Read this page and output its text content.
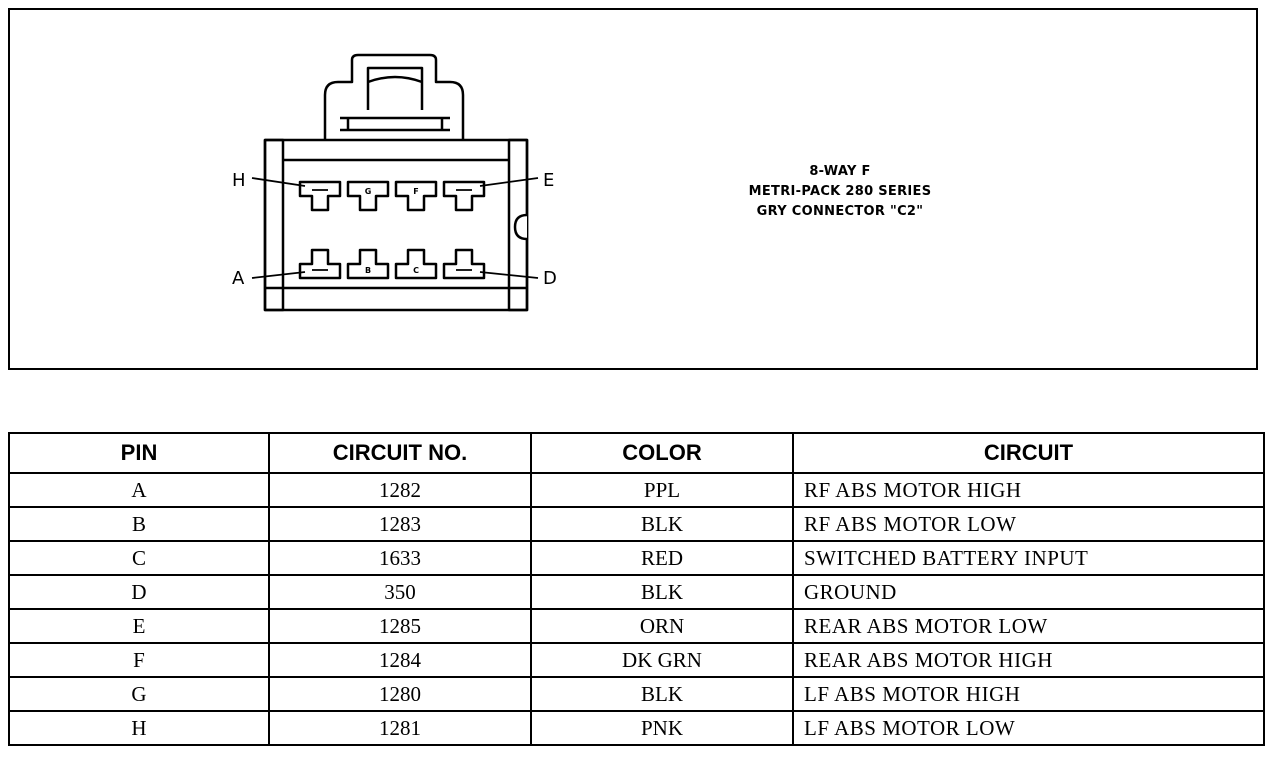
G	F
B	C
H	E
A	D
8-WAY F
METRI-PACK 280 SERIES
GRY CONNECTOR "C2"
PIN	CIRCUIT NO.	COLOR	CIRCUIT
A	1282	PPL	RF ABS MOTOR HIGH
B	1283	BLK	RF ABS MOTOR LOW
C	1633	RED	SWITCHED BATTERY INPUT
D	350	BLK	GROUND
E	1285	ORN	REAR ABS MOTOR LOW
F	1284	DK GRN	REAR ABS MOTOR HIGH
G	1280	BLK	LF ABS MOTOR HIGH
H	1281	PNK	LF ABS MOTOR LOW
